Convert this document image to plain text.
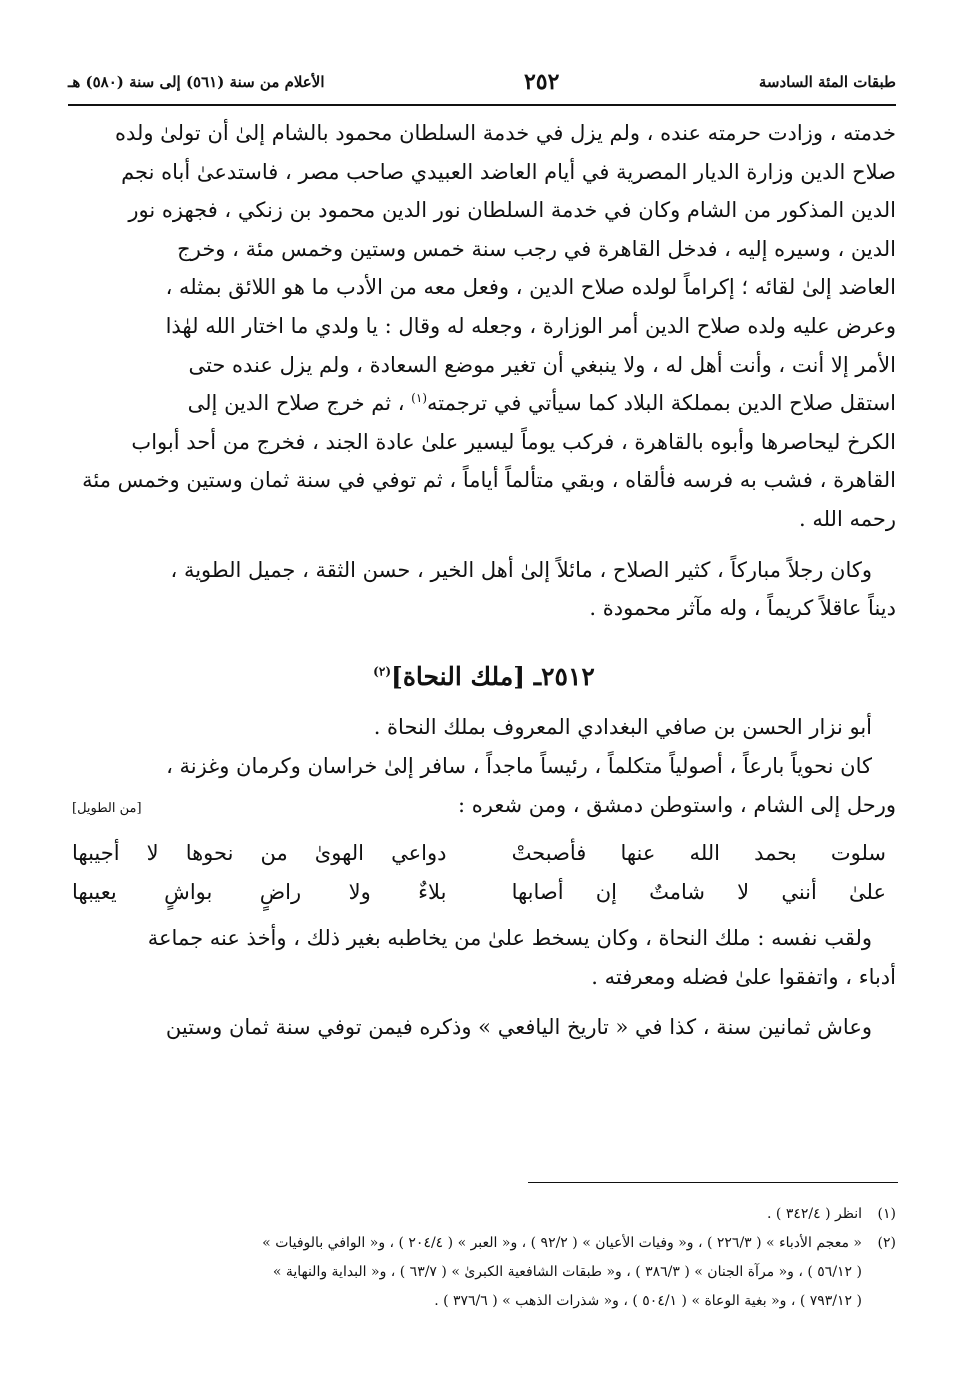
طبقات المئة السادسة
٢٥٢
الأعلام من سنة (٥٦١) إلى سنة (٥٨٠) هـ

خدمته ، وزادت حرمته عنده ، ولم يزل في خدمة السلطان محمود بالشام إلىٰ أن تولىٰ ولده

صلاح الدين وزارة الديار المصرية في أيام العاضد العبيدي صاحب مصر ، فاستدعىٰ أباه نجم

الدين المذكور من الشام وكان في خدمة السلطان نور الدين محمود بن زنكي ، فجهزه نور

الدين ، وسيره إليه ، فدخل القاهرة في رجب سنة خمس وستين وخمس مئة ، وخرج

العاضد إلىٰ لقائه ؛ إكراماً لولده صلاح الدين ، وفعل معه من الأدب ما هو اللائق بمثله ،

وعرض عليه ولده صلاح الدين أمر الوزارة ، وجعله له وقال : يا ولدي ما اختار الله لهٰذا

الأمر إلا أنت ، وأنت أهل له ، ولا ينبغي أن تغير موضع السعادة ، ولم يزل عنده حتى

استقل صلاح الدين بمملكة البلاد كما سيأتي في ترجمته$^{(١)}$ ، ثم خرج صلاح الدين إلى

الكرخ ليحاصرها وأبوه بالقاهرة ، فركب يوماً ليسير علىٰ عادة الجند ، فخرج من أحد أبواب

القاهرة ، فشب به فرسه فألقاه ، وبقي متألماً أياماً ، ثم توفي في سنة ثمان وستين وخمس مئة

رحمه الله .

وكان رجلاً مباركاً ، كثير الصلاح ، مائلاً إلىٰ أهل الخير ، حسن الثقة ، جميل الطوية ،

ديناً عاقلاً كريماً ، وله مآثر محمودة .

٢٥١٢ـ [ملك النحاة]$^{(٢)}$

أبو نزار الحسن بن صافي البغدادي المعروف بملك النحاة .

كان نحوياً بارعاً ، أصولياً متكلماً ، رئيساً ماجداً ، سافر إلىٰ خراسان وكرمان وغزنة ،

ورحل إلى الشام ، واستوطن دمشق ، ومن شعره :
[من الطويل]
سلوت بحمد الله عنها فأصبحتْ
دواعي الهوىٰ من نحوها لا أجيبها
علىٰ أنني لا شامتٌ إن أصابها
بلاءٌ ولا راضٍ بواشٍ يعيبها

ولقب نفسه : ملك النحاة ، وكان يسخط علىٰ من يخاطبه بغير ذلك ، وأخذ عنه جماعة

أدباء ، واتفقوا علىٰ فضله ومعرفته .

وعاش ثمانين سنة ، كذا في « تاريخ اليافعي » وذكره فيمن توفي سنة ثمان وستين

(١)
انظر ( ٣٤٢/٤ ) .
(٢)
« معجم الأدباء » ( ٢٢٦/٣ ) ، و« وفيات الأعيان » ( ٩٢/٢ ) ، و« العبر » ( ٢٠٤/٤ ) ، و« الوافي بالوفيات »
( ٥٦/١٢ ) ، و« مرآة الجنان » ( ٣٨٦/٣ ) ، و« طبقات الشافعية الكبرىٰ » ( ٦٣/٧ ) ، و« البداية والنهاية »
( ٧٩٣/١٢ ) ، و« بغية الوعاة » ( ٥٠٤/١ ) ، و« شذرات الذهب » ( ٣٧٦/٦ ) .
